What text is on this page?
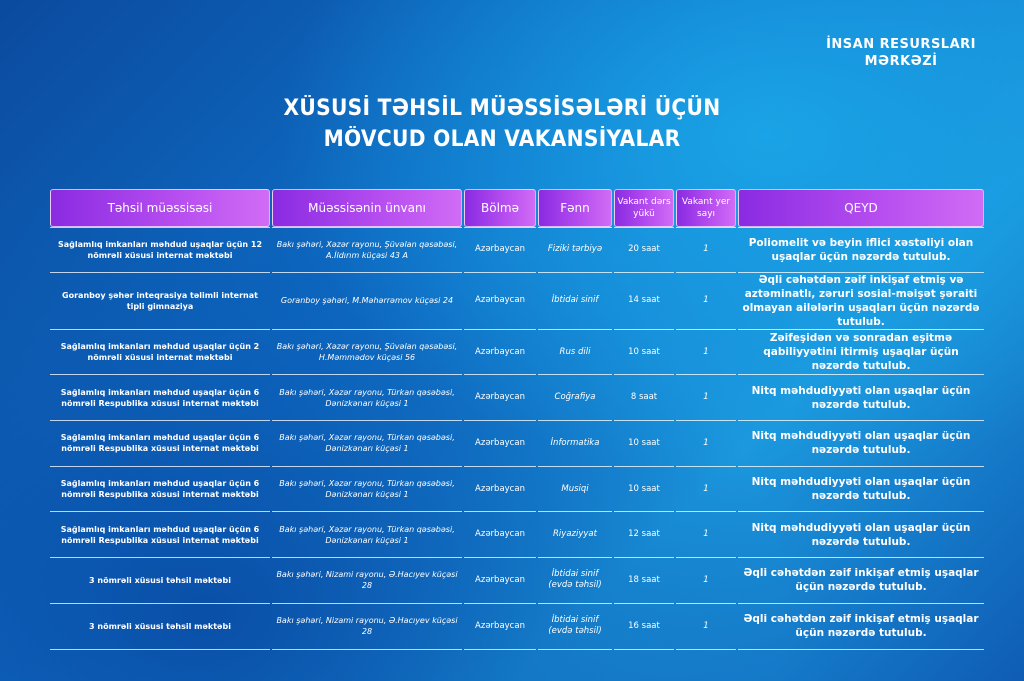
İNSAN RESURSLARI
MƏRKƏZİ
XÜSUSİ TƏHSİL MÜƏSSİSƏLƏRİ ÜÇÜN
MÖVCUD OLAN VAKANSİYALAR
Təhsil müəssisəsi	Müəssisənin ünvanı	Bölmə	Fənn	Vakant dərs yükü	Vakant yer sayı	QEYD
Sağlamlıq imkanları məhdud uşaqlar üçün 12 nömrəli xüsusi internat məktəbi	Bakı şəhəri, Xəzər rayonu, Şüvəlan qəsəbəsi, A.İldırım küçəsi 43 A	Azərbaycan	Fiziki tərbiyə	20 saat	1	Poliomelit və beyin iflici xəstəliyi olan uşaqlar üçün nəzərdə tutulub.
Goranboy şəhər inteqrasiya təlimli internat tipli gimnaziya	Goranboy şəhəri, M.Məhərrəmov küçəsi 24	Azərbaycan	İbtidai sinif	14 saat	1	Əqli cəhətdən zəif inkişaf etmiş və aztəminatlı, zəruri sosial-məişət şəraiti olmayan ailələrin uşaqları üçün nəzərdə tutulub.
Sağlamlıq imkanları məhdud uşaqlar üçün 2 nömrəli xüsusi internat məktəbi	Bakı şəhəri, Xəzər rayonu, Şüvəlan qəsəbəsi, H.Məmmədov küçəsi 56	Azərbaycan	Rus dili	10 saat	1	Zəifeşidən və sonradan eşitmə qabiliyyətini itirmiş uşaqlar üçün nəzərdə tutulub.
Sağlamlıq imkanları məhdud uşaqlar üçün 6 nömrəli Respublika xüsusi internat məktəbi	Bakı şəhəri, Xəzər rayonu, Türkan qəsəbəsi, Dənizkənarı küçəsi 1	Azərbaycan	Coğrafiya	8 saat	1	Nitq məhdudiyyəti olan uşaqlar üçün nəzərdə tutulub.
Sağlamlıq imkanları məhdud uşaqlar üçün 6 nömrəli Respublika xüsusi internat məktəbi	Bakı şəhəri, Xəzər rayonu, Türkan qəsəbəsi, Dənizkənarı küçəsi 1	Azərbaycan	İnformatika	10 saat	1	Nitq məhdudiyyəti olan uşaqlar üçün nəzərdə tutulub.
Sağlamlıq imkanları məhdud uşaqlar üçün 6 nömrəli Respublika xüsusi internat məktəbi	Bakı şəhəri, Xəzər rayonu, Türkan qəsəbəsi, Dənizkənarı küçəsi 1	Azərbaycan	Musiqi	10 saat	1	Nitq məhdudiyyəti olan uşaqlar üçün nəzərdə tutulub.
Sağlamlıq imkanları məhdud uşaqlar üçün 6 nömrəli Respublika xüsusi internat məktəbi	Bakı şəhəri, Xəzər rayonu, Türkan qəsəbəsi, Dənizkənarı küçəsi 1	Azərbaycan	Riyaziyyat	12 saat	1	Nitq məhdudiyyəti olan uşaqlar üçün nəzərdə tutulub.
3 nömrəli xüsusi təhsil məktəbi	Bakı şəhəri, Nizami rayonu, Ə.Hacıyev küçəsi 28	Azərbaycan	İbtidai sinif (evdə təhsil)	18 saat	1	Əqli cəhətdən zəif inkişaf etmiş uşaqlar üçün nəzərdə tutulub.
3 nömrəli xüsusi təhsil məktəbi	Bakı şəhəri, Nizami rayonu, Ə.Hacıyev küçəsi 28	Azərbaycan	İbtidai sinif (evdə təhsil)	16 saat	1	Əqli cəhətdən zəif inkişaf etmiş uşaqlar üçün nəzərdə tutulub.
